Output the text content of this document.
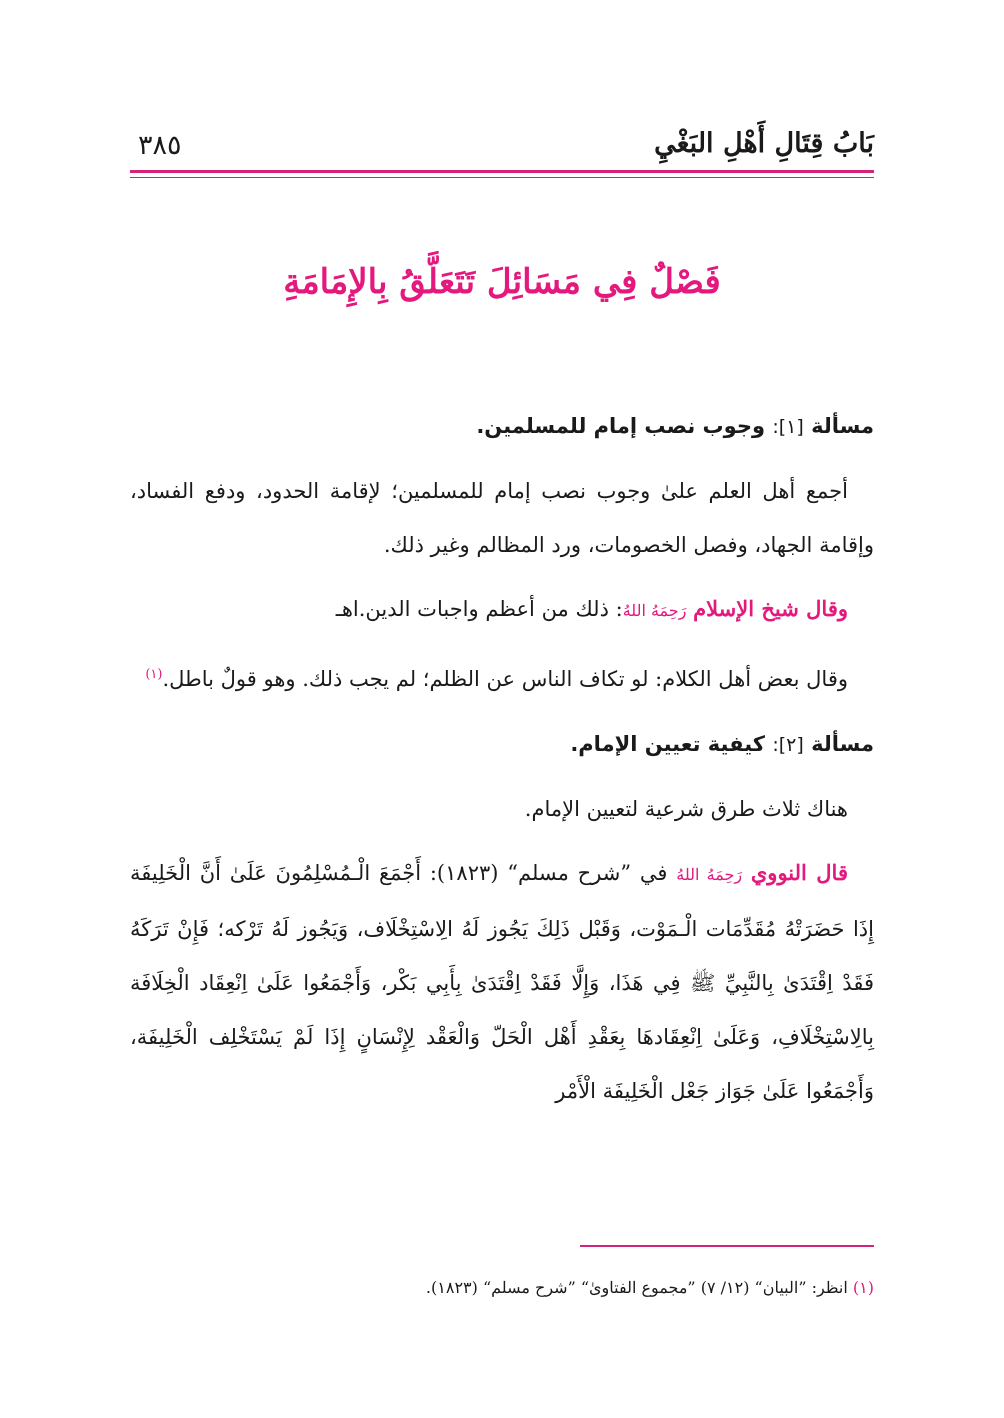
بَابُ قِتَالِ أَهْلِ البَغْيِ
٣٨٥
فَصْلٌ فِي مَسَائِلَ تَتَعَلَّقُ بِالإِمَامَةِ
مسألة [١]: وجوب نصب إمام للمسلمين.

أجمع أهل العلم علىٰ وجوب نصب إمام للمسلمين؛ لإقامة الحدود، ودفع الفساد، وإقامة الجهاد، وفصل الخصومات، ورد المظالم وغير ذلك.

وقال شيخ الإسلام رَحِمَهُ اللهُ: ذلك من أعظم واجبات الدين.اهـ

وقال بعض أهل الكلام: لو تكاف الناس عن الظلم؛ لم يجب ذلك. وهو قولٌ باطل.$^{(١)}$

مسألة [٢]: كيفية تعيين الإمام.

هناك ثلاث طرق شرعية لتعيين الإمام.

قال النووي رَحِمَهُ اللهُ في ”شرح مسلم“ (١٨٢٣): أَجْمَعَ الْـمُسْلِمُونَ عَلَىٰ أَنَّ الْخَلِيفَة إِذَا حَضَرَتْهُ مُقَدِّمَات الْـمَوْت، وَقَبْل ذَلِكَ يَجُوز لَهُ الِاسْتِخْلَاف، وَيَجُوز لَهُ تَرْكه؛ فَإِنْ تَرَكَهُ فَقَدْ اِقْتَدَىٰ بِالنَّبِيِّ ﷺ فِي هَذَا، وَإِلَّا فَقَدْ اِقْتَدَىٰ بِأَبِي بَكْر، وَأَجْمَعُوا عَلَىٰ اِنْعِقَاد الْخِلَافَة بِالِاسْتِخْلَافِ، وَعَلَىٰ اِنْعِقَادهَا بِعَقْدِ أَهْل الْحَلّ وَالْعَقْد لِإِنْسَانٍ إِذَا لَمْ يَسْتَخْلِف الْخَلِيفَة، وَأَجْمَعُوا عَلَىٰ جَوَاز جَعْل الْخَلِيفَة الْأَمْر

(١) انظر: ”البيان“ (١٢/ ٧) ”مجموع الفتاوىٰ“ ”شرح مسلم“ (١٨٢٣).
